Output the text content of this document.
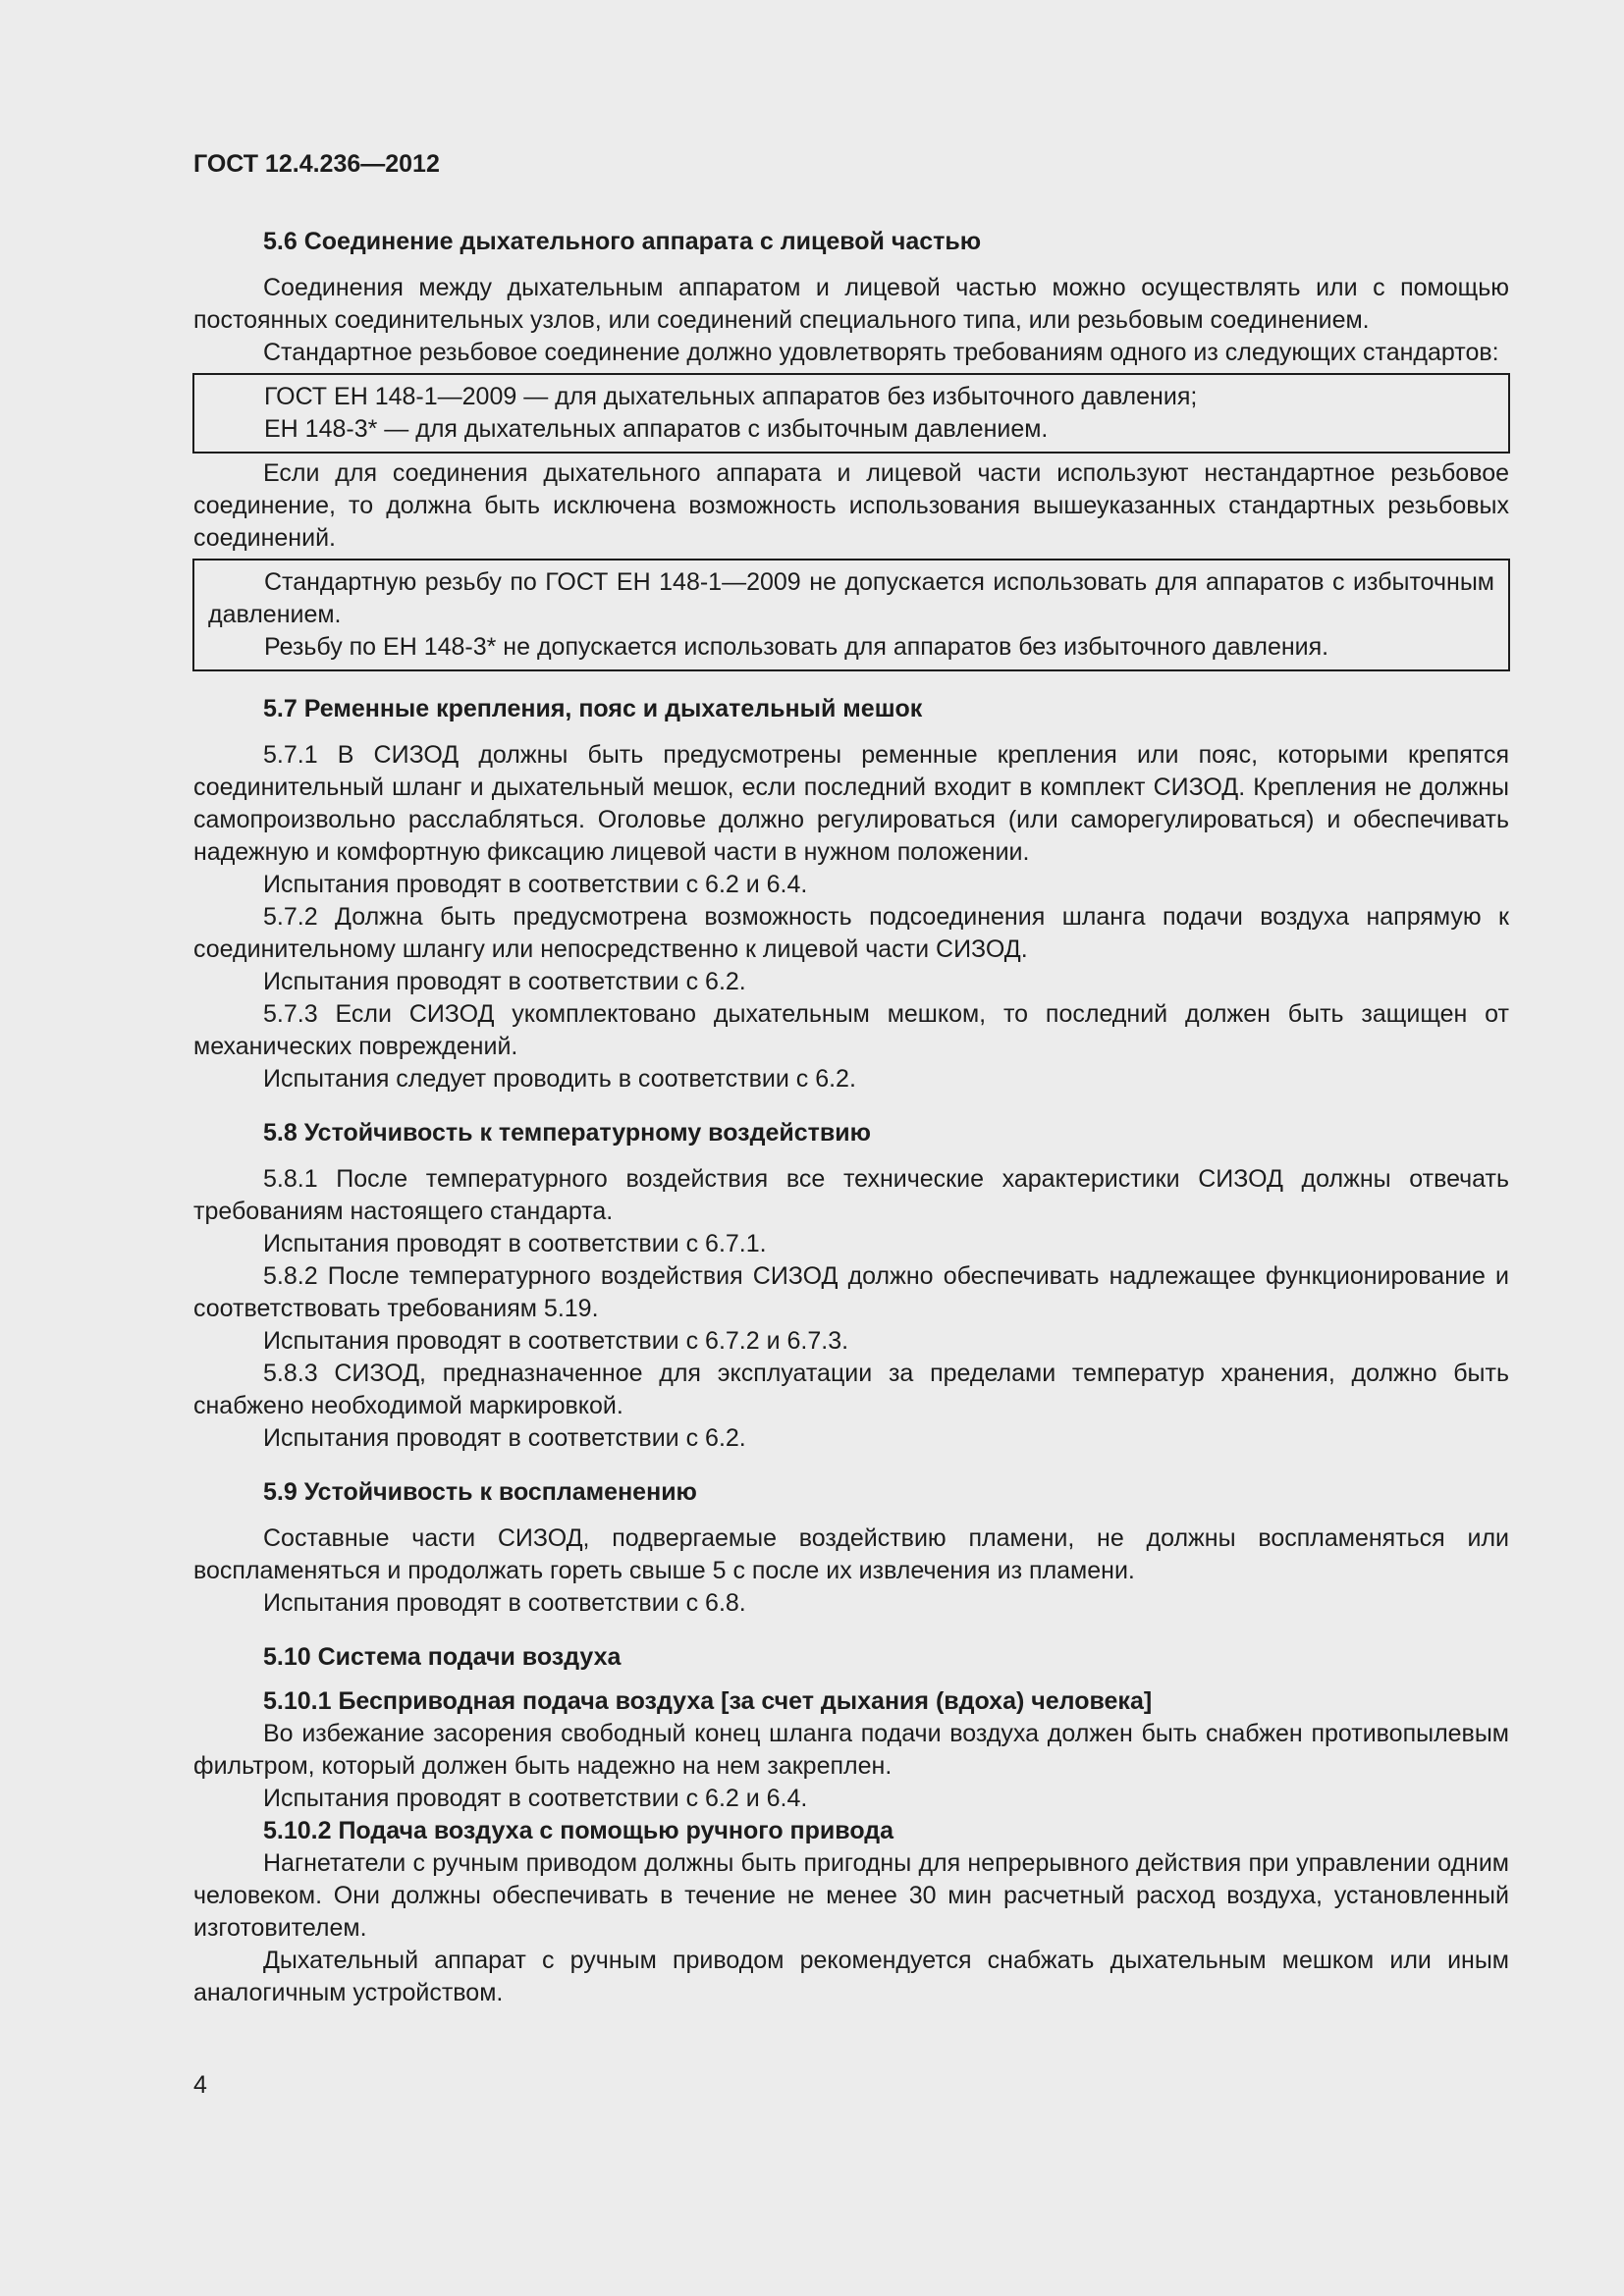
ГОСТ 12.4.236—2012
5.6 Соединение дыхательного аппарата с лицевой частью

Соединения между дыхательным аппаратом и лицевой частью можно осуществлять или с помощью постоянных соединительных узлов, или соединений специального типа, или резьбовым соединением.

Стандартное резьбовое соединение должно удовлетворять требованиям одного из следующих стандартов:

ГОСТ ЕН 148-1—2009 — для дыхательных аппаратов без избыточного давления;

ЕН 148-3* — для дыхательных аппаратов с избыточным давлением.

Если для соединения дыхательного аппарата и лицевой части используют нестандартное резьбовое соединение, то должна быть исключена возможность использования вышеуказанных стандартных резьбовых соединений.

Стандартную резьбу по ГОСТ ЕН 148-1—2009 не допускается использовать для аппаратов с избыточным давлением.

Резьбу по ЕН 148-3* не допускается использовать для аппаратов без избыточного давления.

5.7 Ременные крепления, пояс и дыхательный мешок

5.7.1 В СИЗОД должны быть предусмотрены ременные крепления или пояс, которыми крепятся соединительный шланг и дыхательный мешок, если последний входит в комплект СИЗОД. Крепления не должны самопроизвольно расслабляться. Оголовье должно регулироваться (или саморегулироваться) и обеспечивать надежную и комфортную фиксацию лицевой части в нужном положении.

Испытания проводят в соответствии с 6.2 и 6.4.

5.7.2 Должна быть предусмотрена возможность подсоединения шланга подачи воздуха напрямую к соединительному шлангу или непосредственно к лицевой части СИЗОД.

Испытания проводят в соответствии с 6.2.

5.7.3 Если СИЗОД укомплектовано дыхательным мешком, то последний должен быть защищен от механических повреждений.

Испытания следует проводить в соответствии с 6.2.

5.8 Устойчивость к температурному воздействию

5.8.1 После температурного воздействия все технические характеристики СИЗОД должны отвечать требованиям настоящего стандарта.

Испытания проводят в соответствии с 6.7.1.

5.8.2 После температурного воздействия СИЗОД должно обеспечивать надлежащее функционирование и соответствовать требованиям 5.19.

Испытания проводят в соответствии с 6.7.2 и 6.7.3.

5.8.3 СИЗОД, предназначенное для эксплуатации за пределами температур хранения, должно быть снабжено необходимой маркировкой.

Испытания проводят в соответствии с 6.2.

5.9 Устойчивость к воспламенению

Составные части СИЗОД, подвергаемые воздействию пламени, не должны воспламеняться или воспламеняться и продолжать гореть свыше 5 с после их извлечения из пламени.

Испытания проводят в соответствии с 6.8.

5.10 Система подачи воздуха
5.10.1 Бесприводная подача воздуха [за счет дыхания (вдоха) человека]

Во избежание засорения свободный конец шланга подачи воздуха должен быть снабжен противопылевым фильтром, который должен быть надежно на нем закреплен.

Испытания проводят в соответствии с 6.2 и 6.4.

5.10.2 Подача воздуха с помощью ручного привода

Нагнетатели с ручным приводом должны быть пригодны для непрерывного действия при управлении одним человеком. Они должны обеспечивать в течение не менее 30 мин расчетный расход воздуха, установленный изготовителем.

Дыхательный аппарат с ручным приводом рекомендуется снабжать дыхательным мешком или иным аналогичным устройством.

4
